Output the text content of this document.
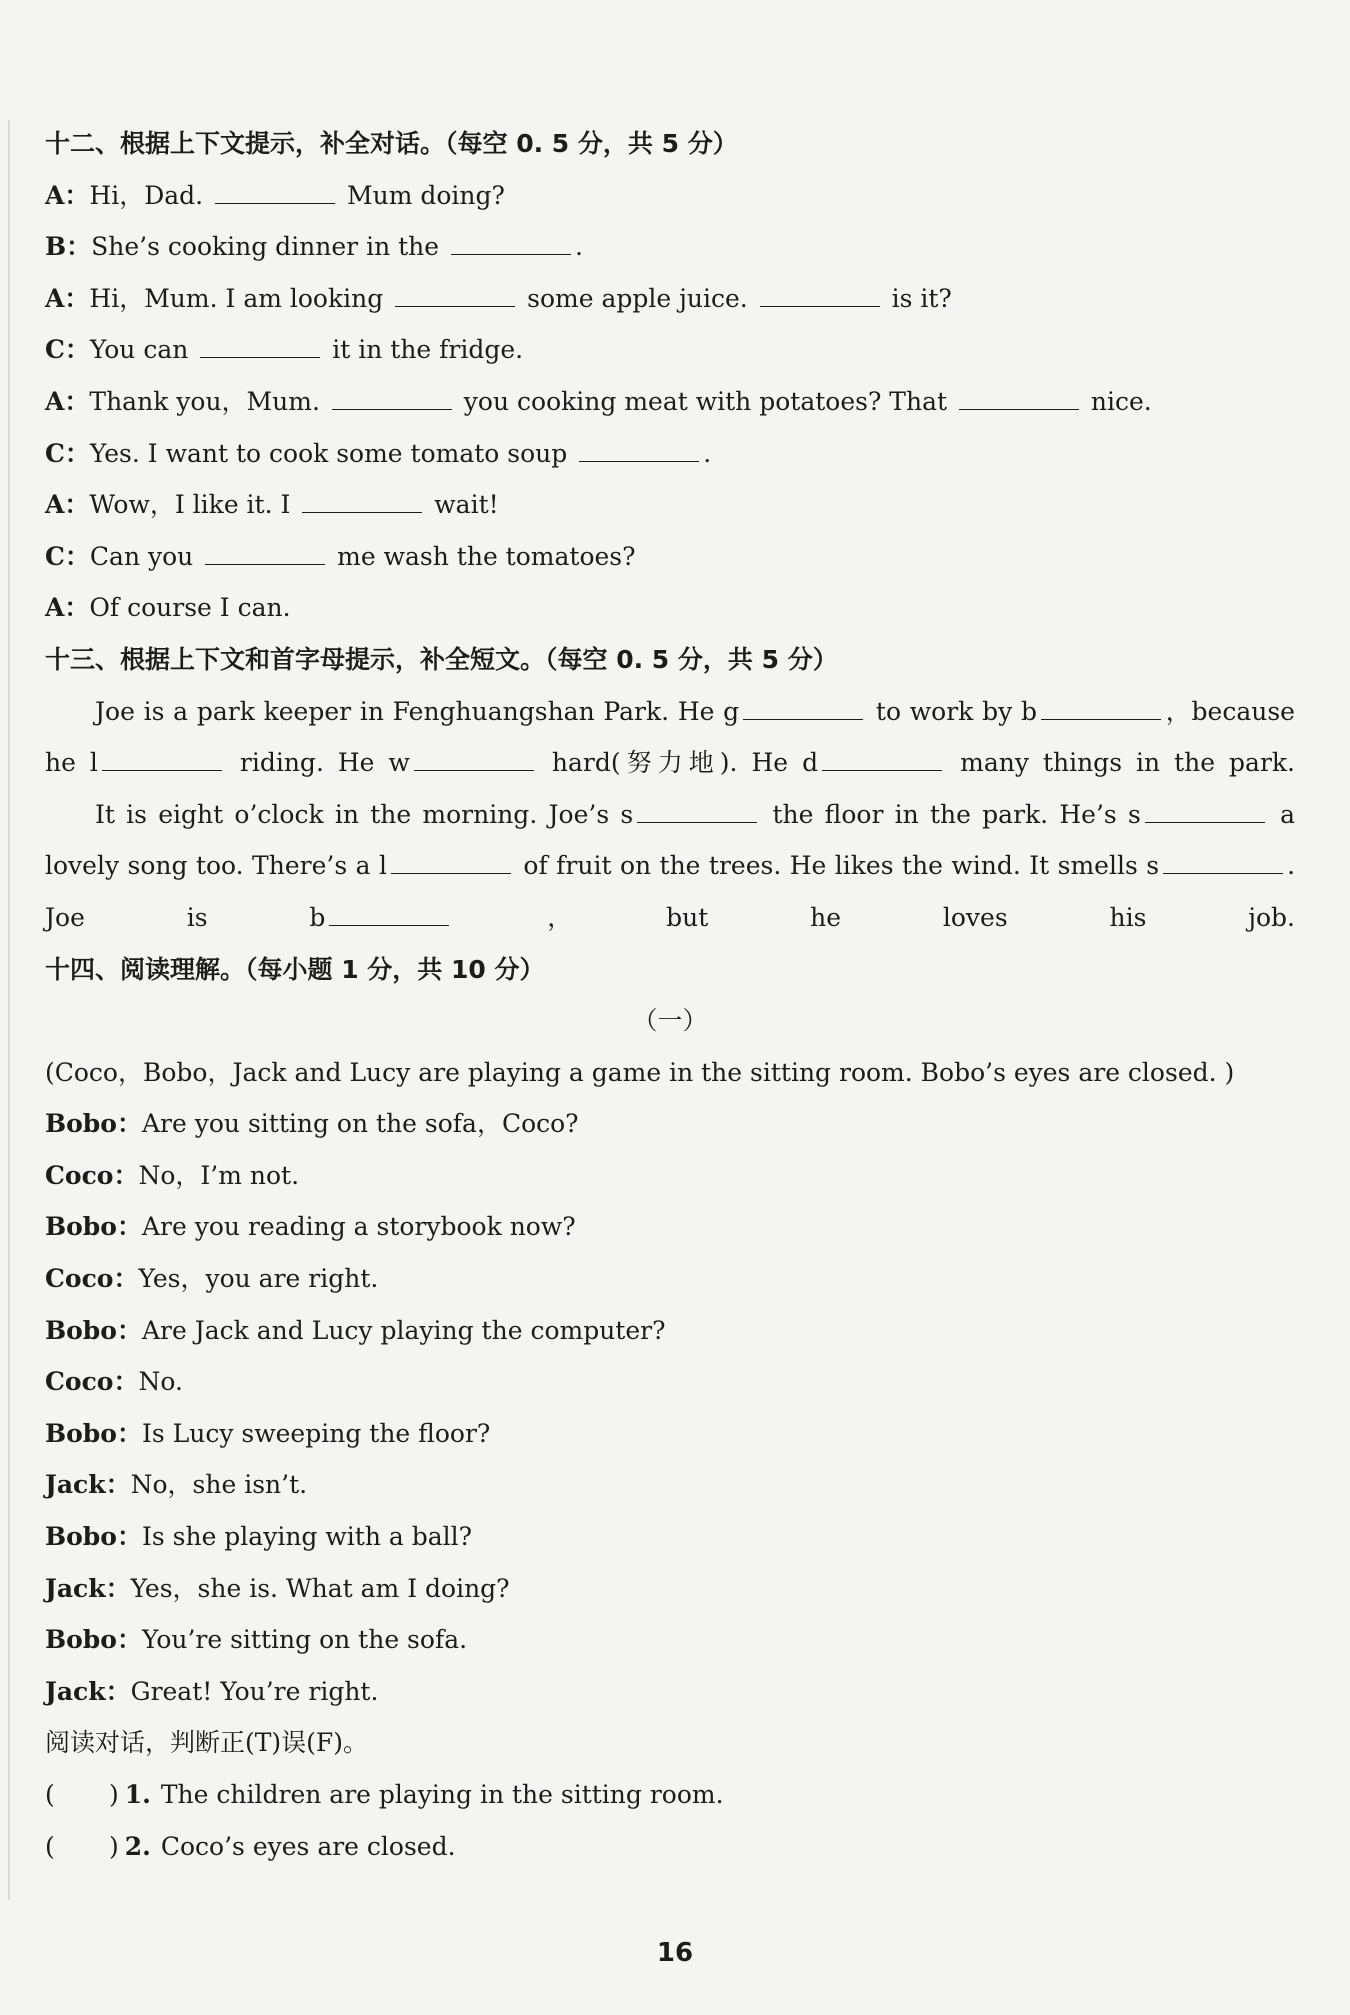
十二、根据上下文提示，补全对话。（每空 0. 5 分，共 5 分）
A：Hi，Dad.	Mum doing?
B：She’s cooking dinner in the	.
A：Hi，Mum. I am looking	some apple juice.	is it?
C：You can	it in the fridge.
A：Thank you，Mum.	you cooking meat with potatoes? That	nice.
C：Yes. I want to cook some tomato soup	.
A：Wow，I like it. I	wait!
C：Can you	me wash the tomatoes?
A：Of course I can.
十三、根据上下文和首字母提示，补全短文。（每空 0. 5 分，共 5 分）
Joe is a park keeper in Fenghuangshan Park. He g	to work by b	，because he l	riding. He w	hard(努力地). He d	many things in the park.
It is eight o’clock in the morning. Joe’s s	the floor in the park. He’s s	a lovely song too. There’s a l	of fruit on the trees. He likes the wind. It smells s	. Joe is b	，but he loves his job.
十四、阅读理解。（每小题 1 分，共 10 分）
（一）
(Coco，Bobo，Jack and Lucy are playing a game in the sitting room. Bobo’s eyes are closed. )
Bobo：Are you sitting on the sofa，Coco?
Coco：No，I’m not.
Bobo：Are you reading a storybook now?
Coco：Yes，you are right.
Bobo：Are Jack and Lucy playing the computer?
Coco：No.
Bobo：Is Lucy sweeping the floor?
Jack：No，she isn’t.
Bobo：Is she playing with a ball?
Jack：Yes，she is. What am I doing?
Bobo：You’re sitting on the sofa.
Jack：Great! You’re right.
阅读对话，判断正(T)误(F)。
( ) 1. The children are playing in the sitting room.
( ) 2. Coco’s eyes are closed.
16
